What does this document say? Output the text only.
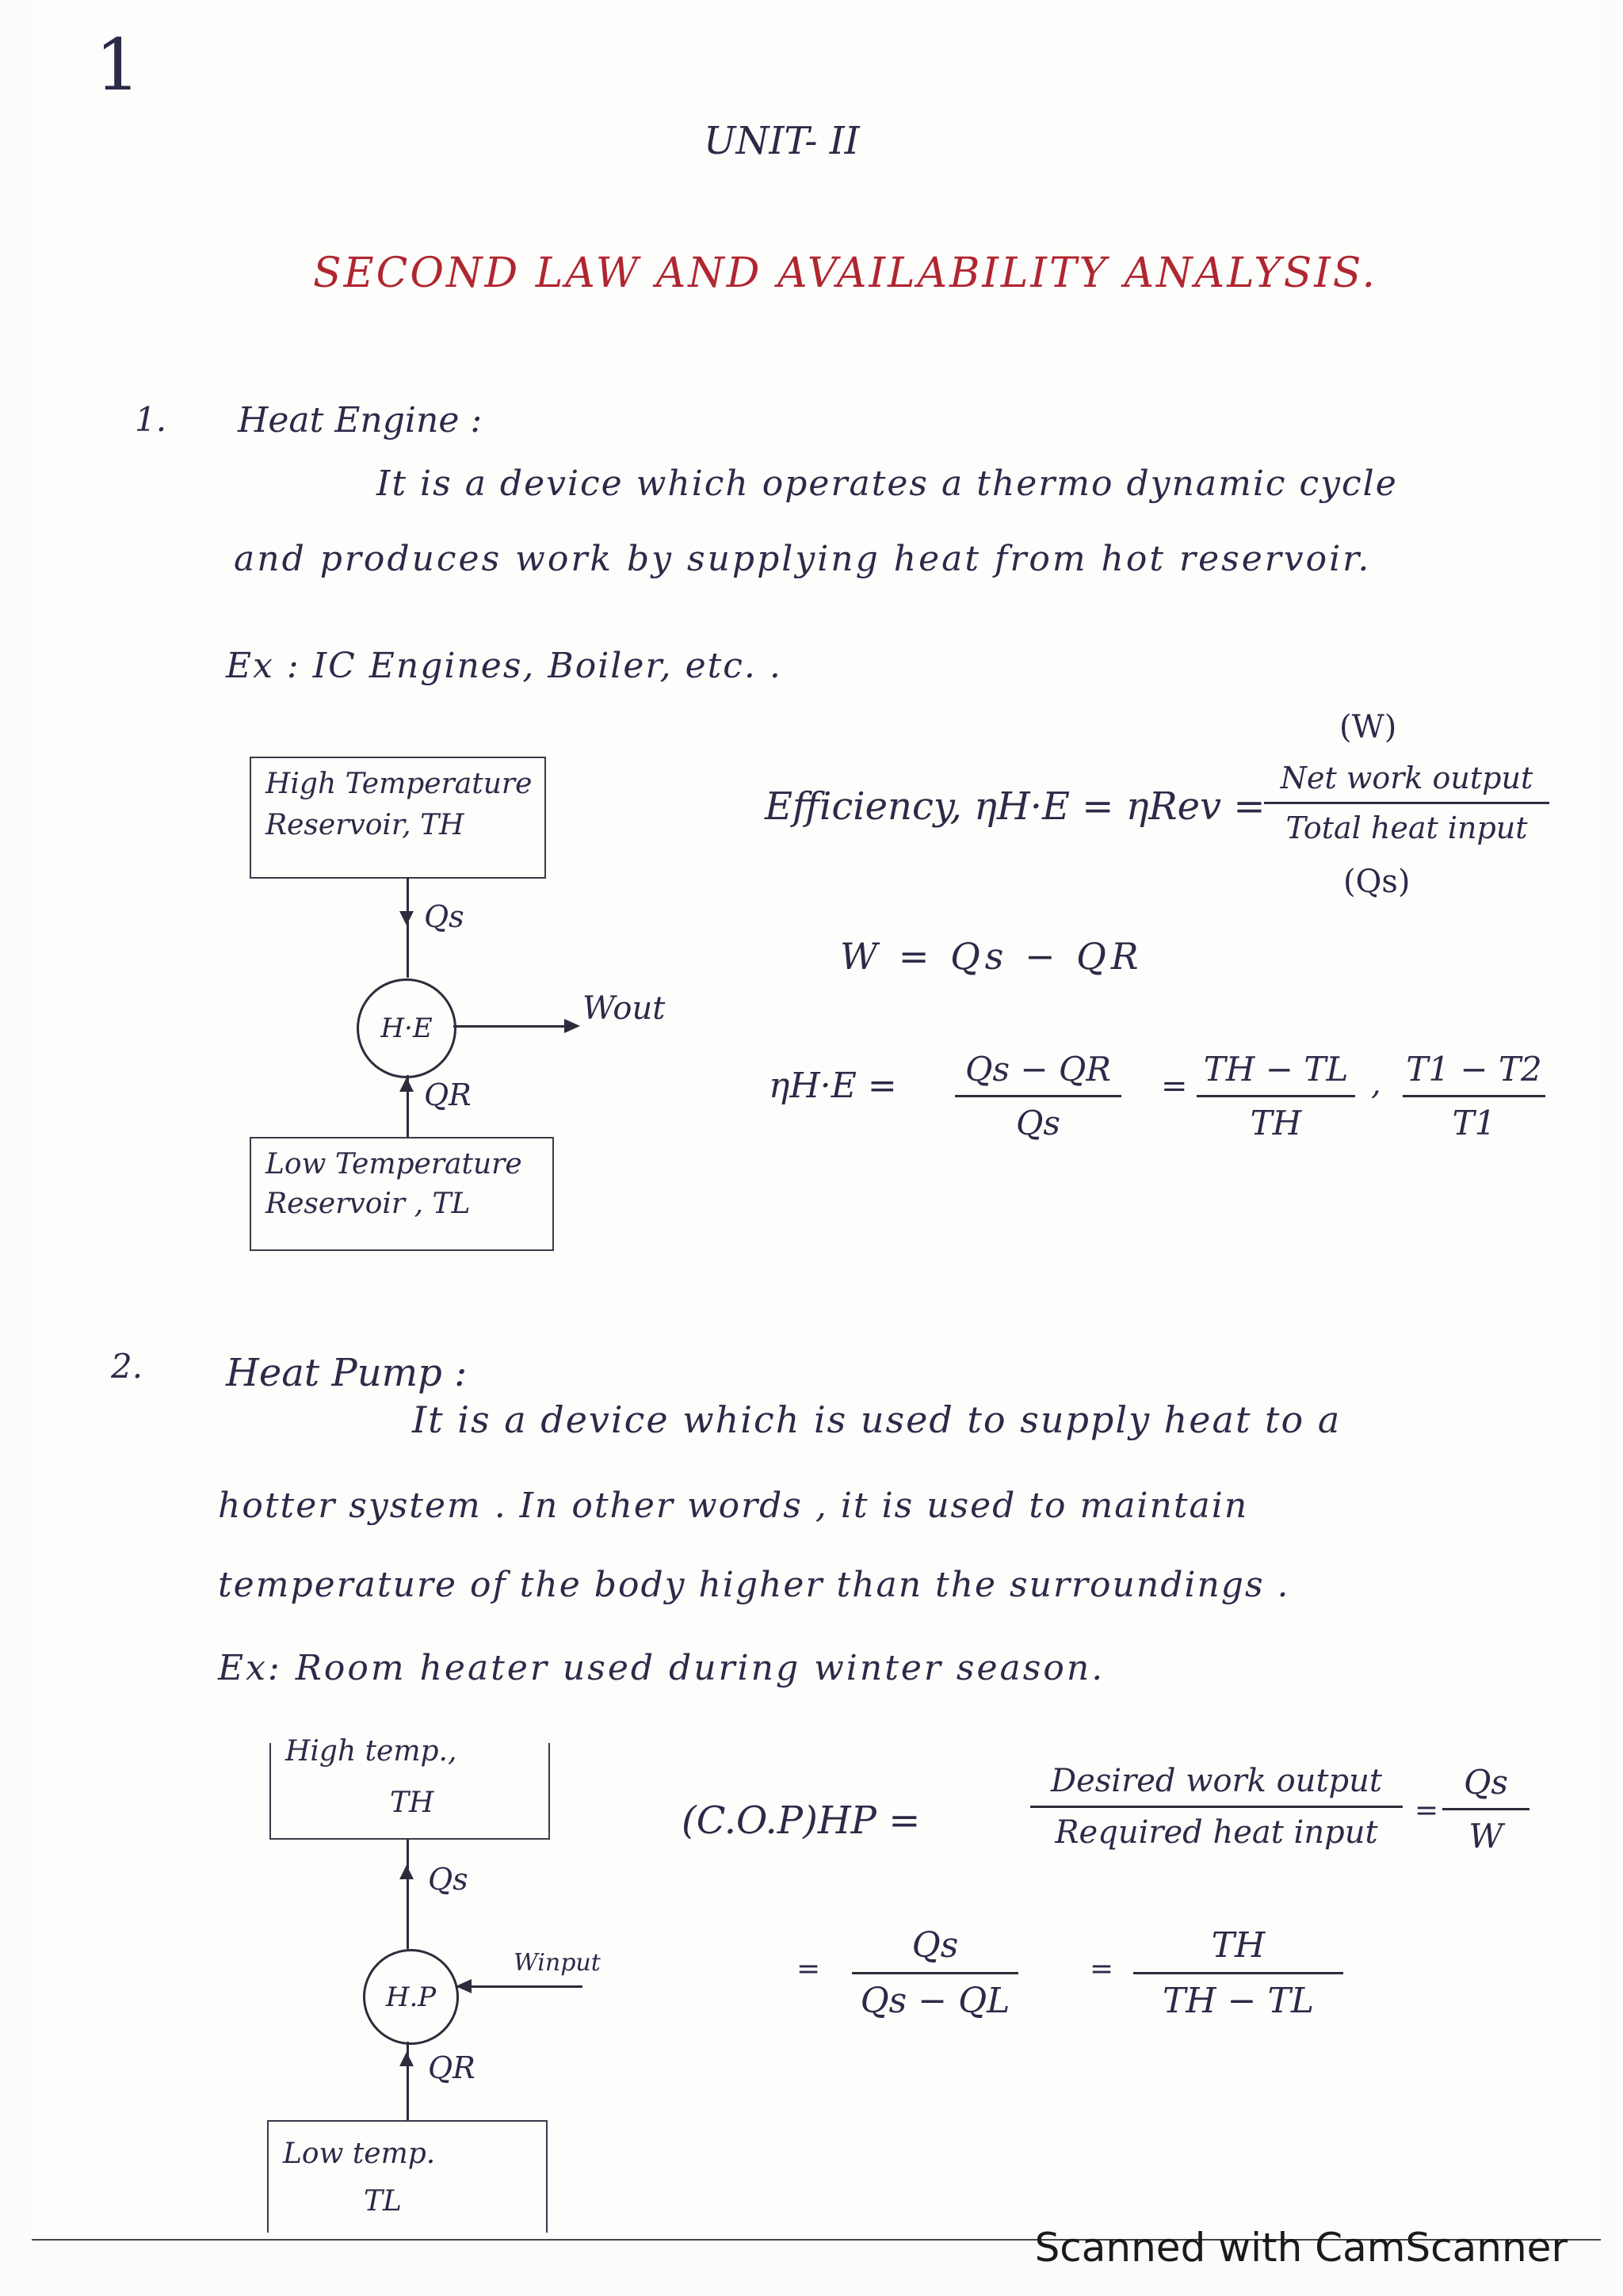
1
UNIT- II
SECOND LAW AND AVAILABILITY ANALYSIS.
1. Heat Engine :
It is a device which operates a thermo dynamic cycle
and produces work by supplying heat from hot reservoir.
Ex : IC Engines, Boiler, etc. .
High Temperature
Reservoir, TH
Qs
H·E
Wout
QR
Low Temperature
Reservoir , TL
(W)
Efficiency, ηH·E = ηRev =
Net work output
Total heat input
(Qs)
W = Qs − QR
ηH·E = Qs − QR
Qs
= TH − TL
TH
, T1 − T2
T1
2. Heat Pump :
It is a device which is used to supply heat to a
hotter system . In other words , it is used to maintain
temperature of the body higher than the surroundings .
Ex: Room heater used during winter season.
High temp.,
TH
Qs
H.P
Winput
QR
Low temp.
TL
(C.O.P)HP =
Desired work output
Required heat input
=
Qs
W
=
Qs
Qs − QL
=
TH
TH − TL
Scanned with CamScanner
